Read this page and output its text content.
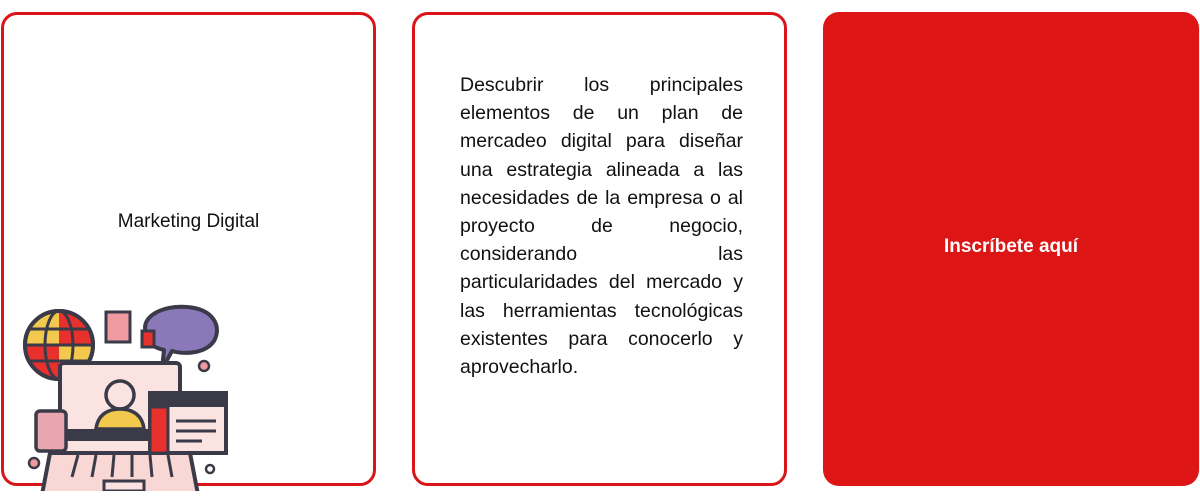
Marketing Digital

Descubrir los principales elementos de un plan de mercadeo digital para diseñar una estrategia alineada a las necesidades de la empresa o al proyecto de negocio, considerando las particularidades del mercado y las herramientas tecnológicas existentes para conocerlo y aprovecharlo.

Inscríbete aquí
